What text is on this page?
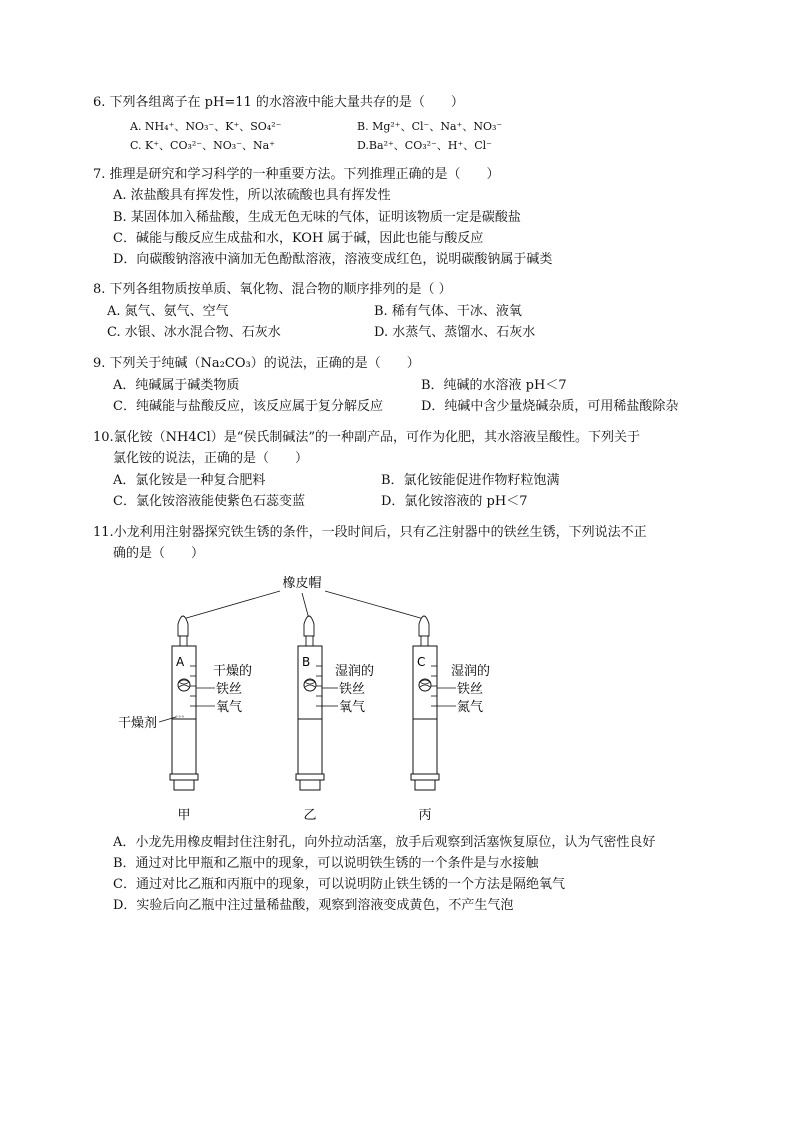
6. 下列各组离子在 pH=11 的水溶液中能大量共存的是（　　）
A. NH₄⁺、NO₃⁻、K⁺、SO₄²⁻	B. Mg²⁺、Cl⁻、Na⁺、NO₃⁻
C. K⁺、CO₃²⁻、NO₃⁻、Na⁺	D.Ba²⁺、CO₃²⁻、H⁺、Cl⁻
7. 推理是研究和学习科学的一种重要方法。下列推理正确的是（　　）
A. 浓盐酸具有挥发性，所以浓硫酸也具有挥发性
B. 某固体加入稀盐酸，生成无色无味的气体，证明该物质一定是碳酸盐
C．碱能与酸反应生成盐和水，KOH 属于碱，因此也能与酸反应
D．向碳酸钠溶液中滴加无色酚酞溶液，溶液变成红色，说明碳酸钠属于碱类
8. 下列各组物质按单质、氧化物、混合物的顺序排列的是（ ）
A. 氮气、氨气、空气	B. 稀有气体、干冰、液氧
C. 水银、冰水混合物、石灰水	D. 水蒸气、蒸馏水、石灰水
9. 下列关于纯碱（Na₂CO₃）的说法，正确的是（　　）
A．纯碱属于碱类物质	B．纯碱的水溶液 pH＜7
C．纯碱能与盐酸反应，该反应属于复分解反应	D．纯碱中含少量烧碱杂质，可用稀盐酸除杂
10.氯化铵（NH4Cl）是“侯氏制碱法”的一种副产品，可作为化肥，其水溶液呈酸性。下列关于
氯化铵的说法，正确的是（　　）
A．氯化铵是一种复合肥料	B．氯化铵能促进作物籽粒饱满
C．氯化铵溶液能使紫色石蕊变蓝	D．氯化铵溶液的 pH＜7
11.小龙利用注射器探究铁生锈的条件，一段时间后，只有乙注射器中的铁丝生锈，下列说法不正
确的是（　　）
橡皮帽
∘∘∘
A	B	C
干燥的
铁丝
氧气
干燥剂
湿润的
铁丝
氧气
湿润的
铁丝
氮气
甲	乙	丙
A．小龙先用橡皮帽封住注射孔，向外拉动活塞，放手后观察到活塞恢复原位，认为气密性良好
B．通过对比甲瓶和乙瓶中的现象，可以说明铁生锈的一个条件是与水接触
C．通过对比乙瓶和丙瓶中的现象，可以说明防止铁生锈的一个方法是隔绝氧气
D．实验后向乙瓶中注过量稀盐酸，观察到溶液变成黄色，不产生气泡
